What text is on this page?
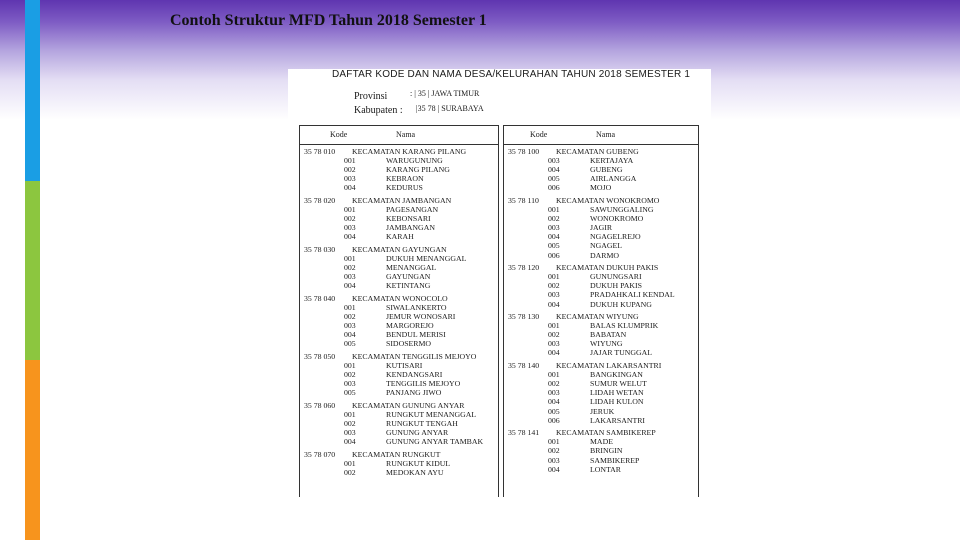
Contoh Struktur MFD Tahun 2018 Semester 1
DAFTAR KODE DAN NAMA DESA/KELURAHAN TAHUN 2018 SEMESTER 1
Provinsi	: | 35 | JAWA TIMUR
Kabupaten : |35 78 | SURABAYA
Kode	Nama
35 78 010 KECAMATAN KARANG PILANG
001	WARUGUNUNG
002	KARANG PILANG
003	KEBRAON
004	KEDURUS
35 78 020 KECAMATAN JAMBANGAN
001	PAGESANGAN
002	KEBONSARI
003	JAMBANGAN
004	KARAH
35 78 030 KECAMATAN GAYUNGAN
001	DUKUH MENANGGAL
002	MENANGGAL
003	GAYUNGAN
004	KETINTANG
35 78 040 KECAMATAN WONOCOLO
001	SIWALANKERTO
002	JEMUR WONOSARI
003	MARGOREJO
004	BENDUL MERISI
005	SIDOSERMO
35 78 050 KECAMATAN TENGGILIS MEJOYO
001	KUTISARI
002	KENDANGSARI
003	TENGGILIS MEJOYO
005	PANJANG JIWO
35 78 060 KECAMATAN GUNUNG ANYAR
001	RUNGKUT MENANGGAL
002	RUNGKUT TENGAH
003	GUNUNG ANYAR
004	GUNUNG ANYAR TAMBAK
35 78 070 KECAMATAN RUNGKUT
001	RUNGKUT KIDUL
002	MEDOKAN AYU
Kode	Nama
35 78 100 KECAMATAN GUBENG
003	KERTAJAYA
004	GUBENG
005	AIRLANGGA
006	MOJO
35 78 110 KECAMATAN WONOKROMO
001	SAWUNGGALING
002	WONOKROMO
003	JAGIR
004	NGAGELREJO
005	NGAGEL
006	DARMO
35 78 120 KECAMATAN DUKUH PAKIS
001	GUNUNGSARI
002	DUKUH PAKIS
003	PRADAHKALI KENDAL
004	DUKUH KUPANG
35 78 130 KECAMATAN WIYUNG
001	BALAS KLUMPRIK
002	BABATAN
003	WIYUNG
004	JAJAR TUNGGAL
35 78 140 KECAMATAN LAKARSANTRI
001	BANGKINGAN
002	SUMUR WELUT
003	LIDAH WETAN
004	LIDAH KULON
005	JERUK
006	LAKARSANTRI
35 78 141 KECAMATAN SAMBIKEREP
001	MADE
002	BRINGIN
003	SAMBIKEREP
004	LONTAR
